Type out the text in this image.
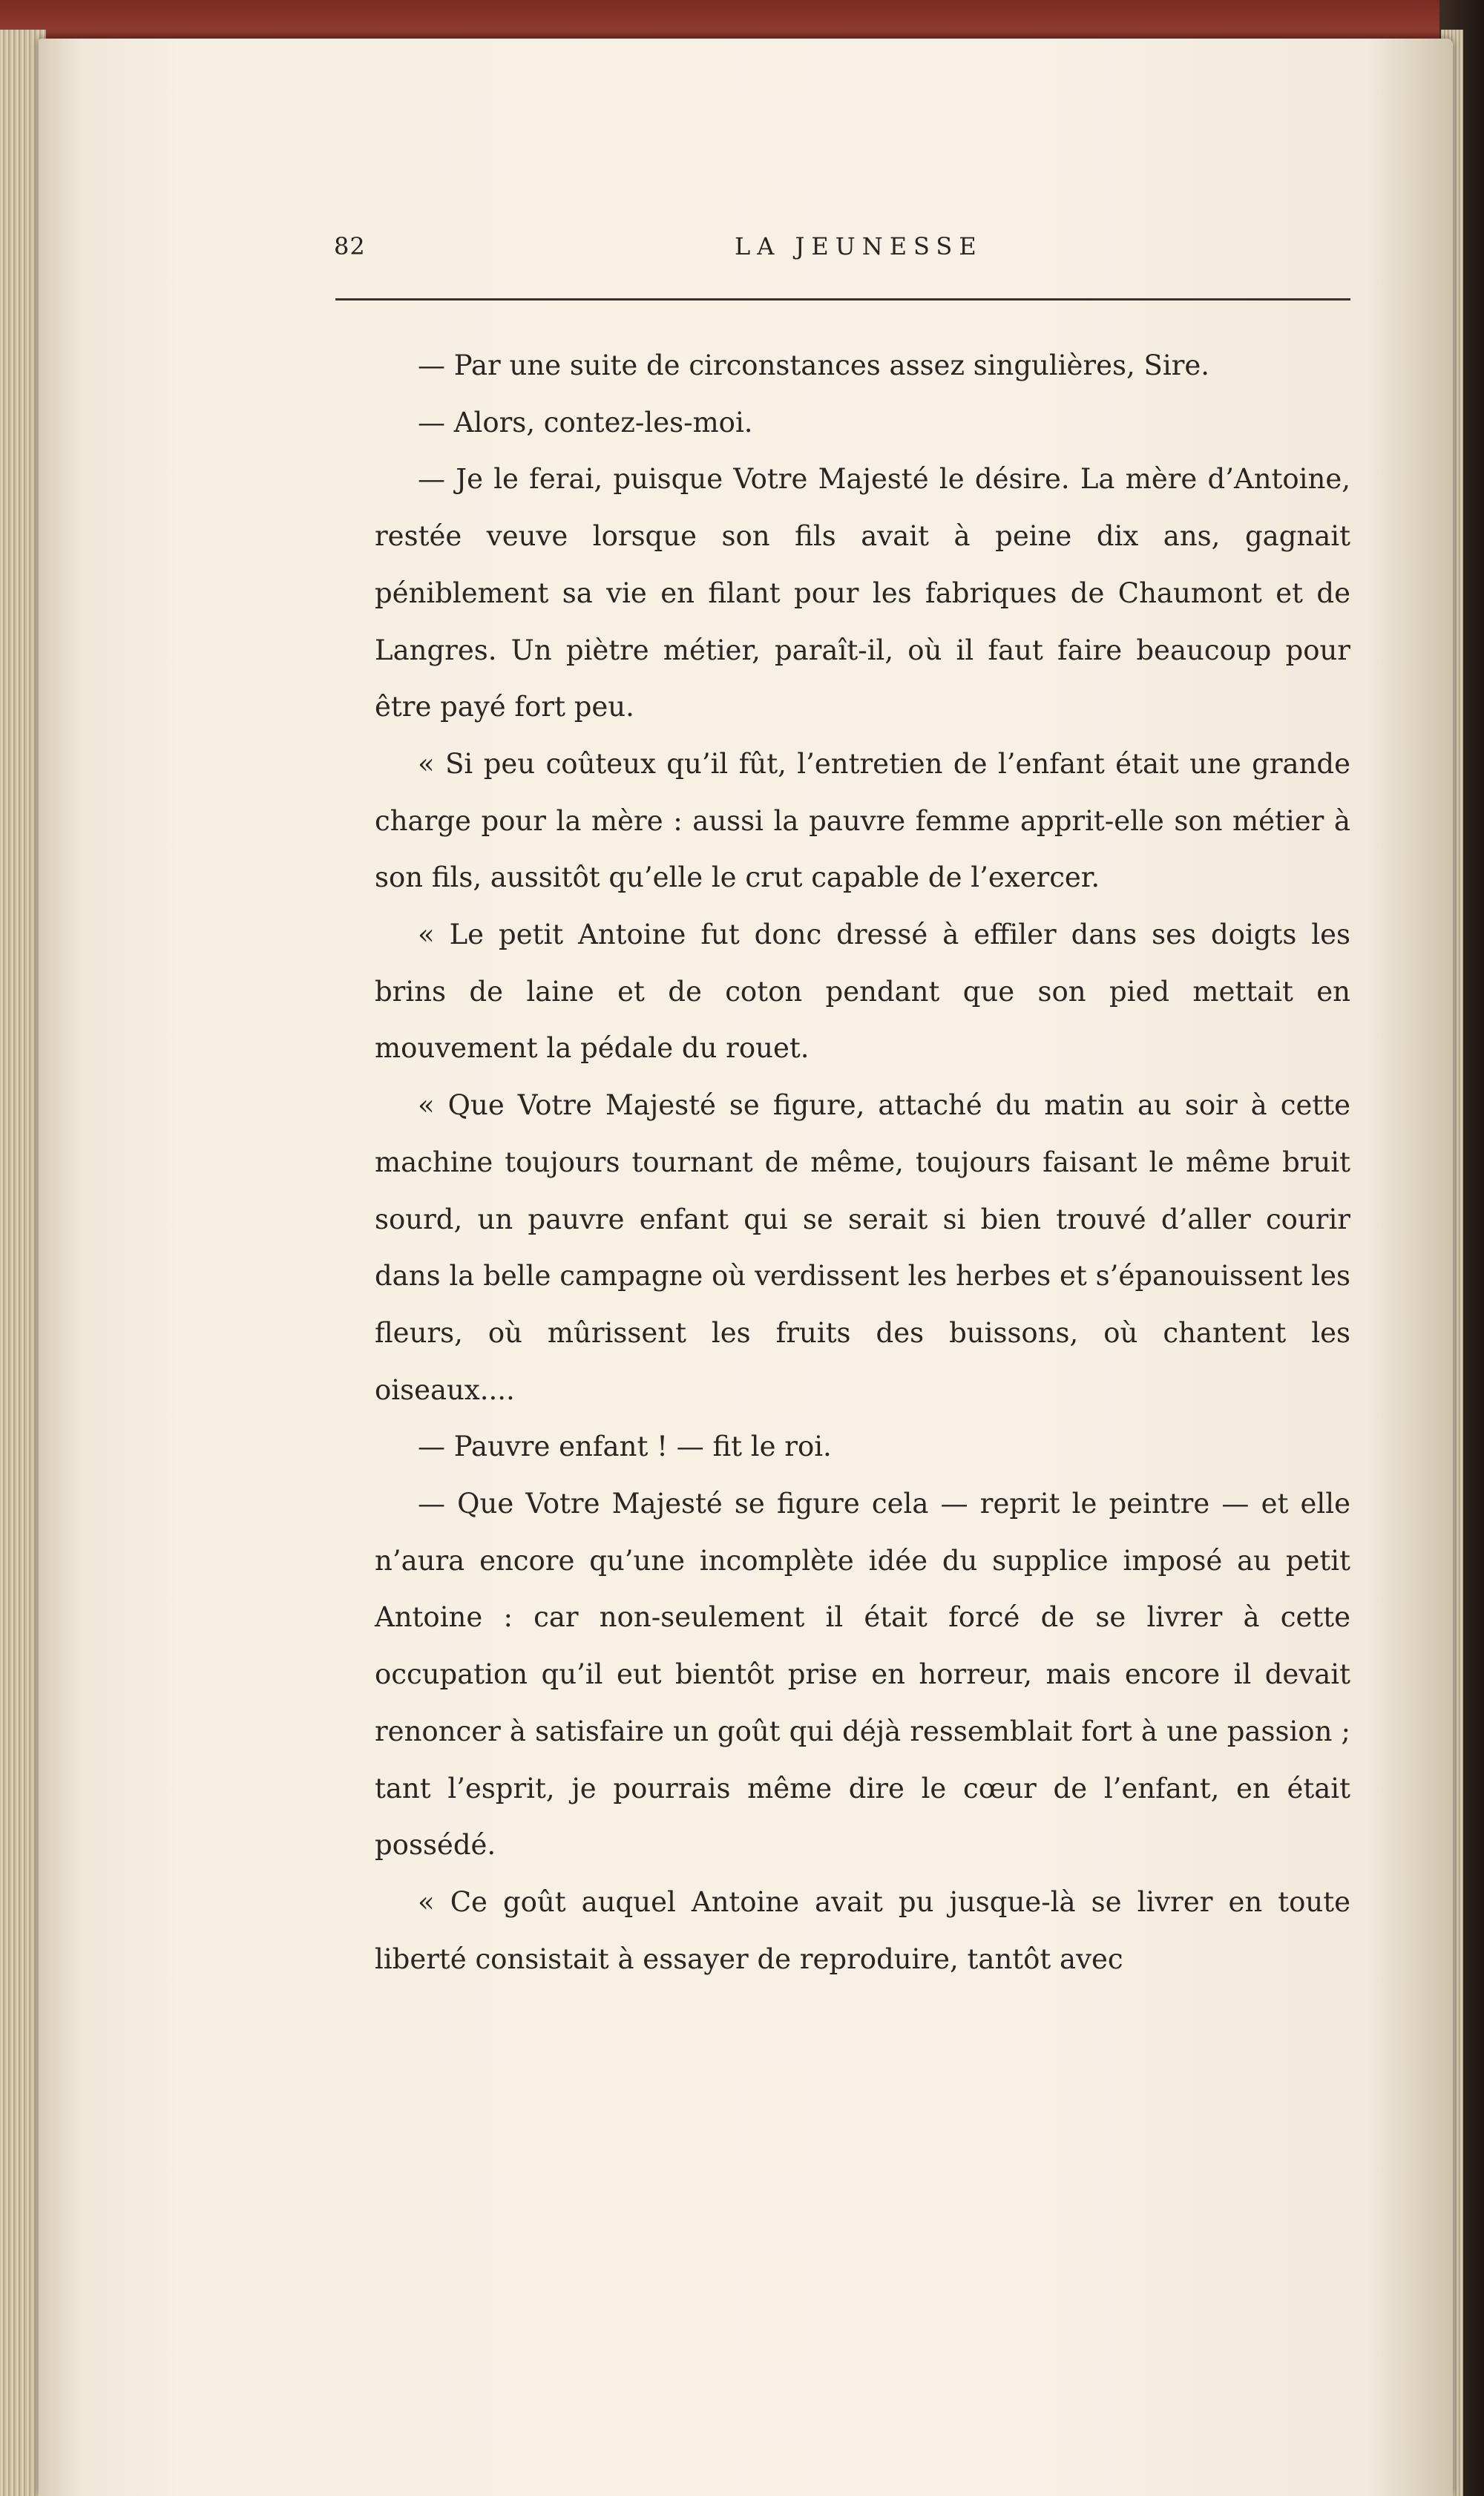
82	LA JEUNESSE

— Par une suite de circonstances assez singulières, Sire.

— Alors, contez-les-moi.

— Je le ferai, puisque Votre Majesté le désire. La mère d’Antoine, restée veuve lorsque son fils avait à peine dix ans, gagnait péniblement sa vie en filant pour les fabriques de Chaumont et de Langres. Un piètre métier, paraît-il, où il faut faire beaucoup pour être payé fort peu.

« Si peu coûteux qu’il fût, l’entretien de l’enfant était une grande charge pour la mère : aussi la pauvre femme apprit-elle son métier à son fils, aussitôt qu’elle le crut capable de l’exercer.

« Le petit Antoine fut donc dressé à effiler dans ses doigts les brins de laine et de coton pendant que son pied mettait en mouvement la pédale du rouet.

« Que Votre Majesté se figure, attaché du matin au soir à cette machine toujours tournant de même, toujours faisant le même bruit sourd, un pauvre enfant qui se serait si bien trouvé d’aller courir dans la belle campagne où verdissent les herbes et s’épanouissent les fleurs, où mûrissent les fruits des buissons, où chantent les oiseaux....

— Pauvre enfant ! — fit le roi.

— Que Votre Majesté se figure cela — reprit le peintre — et elle n’aura encore qu’une incomplète idée du supplice imposé au petit Antoine : car non-seulement il était forcé de se livrer à cette occupation qu’il eut bientôt prise en horreur, mais encore il devait renoncer à satisfaire un goût qui déjà ressemblait fort à une passion ; tant l’esprit, je pourrais même dire le cœur de l’enfant, en était possédé.

« Ce goût auquel Antoine avait pu jusque-là se livrer en toute liberté consistait à essayer de reproduire, tantôt avec
